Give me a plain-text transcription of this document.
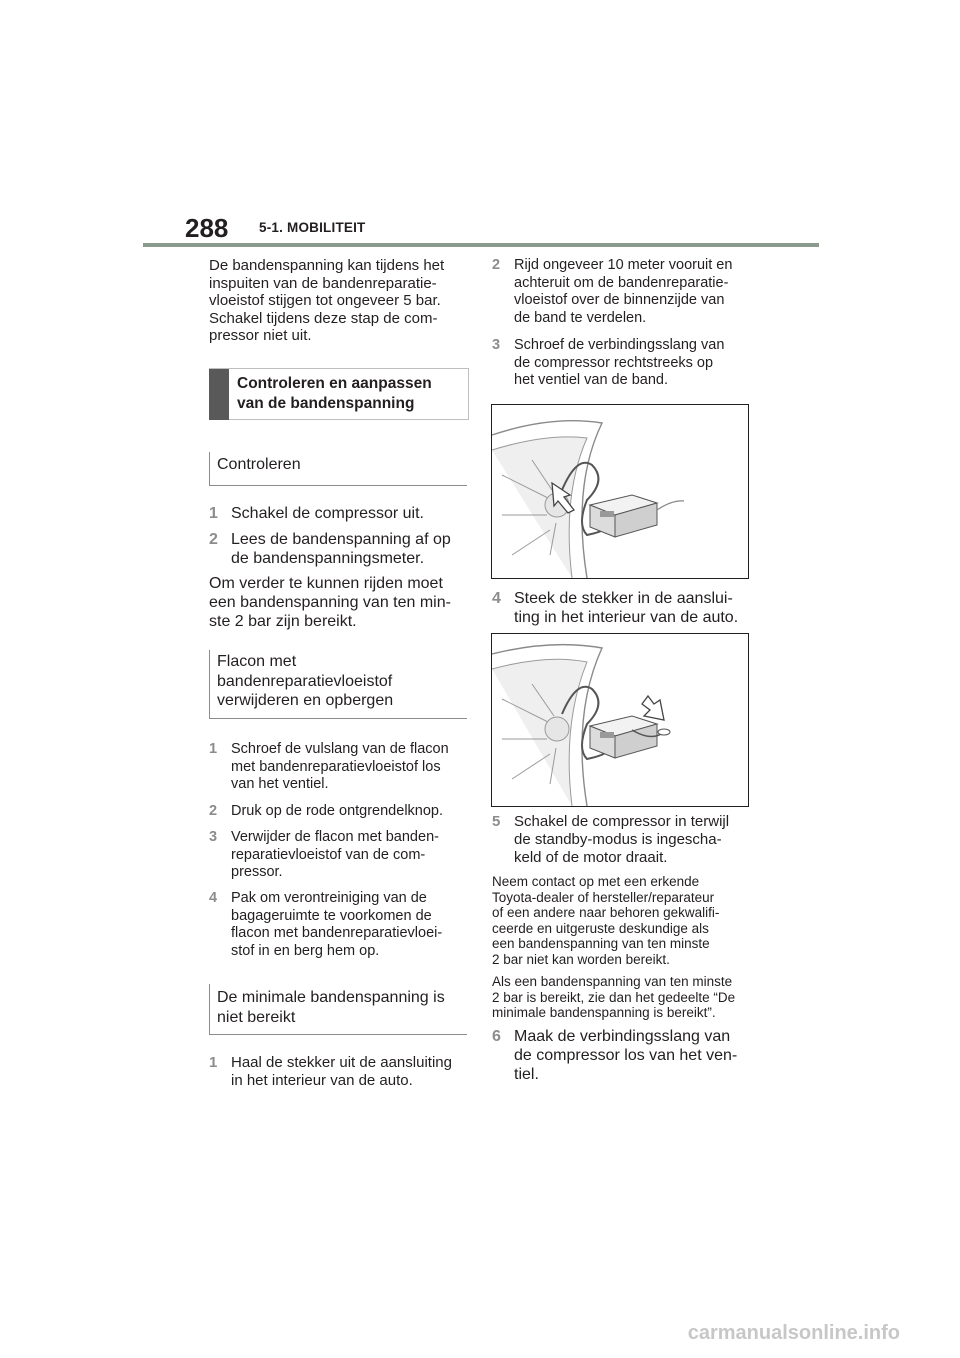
288 5-1. MOBILITEIT

De bandenspanning kan tijdens het

inspuiten van de bandenreparatie-

vloeistof stijgen tot ongeveer 5 bar.

Schakel tijdens deze stap de com-

pressor niet uit.

Controleren en aanpassen

van de bandenspanning

Controleren

1 Schakel de compressor uit.

2 Lees de bandenspanning af op

de bandenspanningsmeter.

Om verder te kunnen rijden moet

een bandenspanning van ten min-

ste 2 bar zijn bereikt.

Flacon met

bandenreparatievloeistof

verwijderen en opbergen

1 Schroef de vulslang van de flacon

met bandenreparatievloeistof los

van het ventiel.

2 Druk op de rode ontgrendelknop.

3 Verwijder de flacon met banden-

reparatievloeistof van de com-

pressor.

4 Pak om verontreiniging van de

bagageruimte te voorkomen de

flacon met bandenreparatievloei-

stof in en berg hem op.

De minimale bandenspanning is

niet bereikt

1 Haal de stekker uit de aansluiting

in het interieur van de auto.

2 Rijd ongeveer 10 meter vooruit en

achteruit om de bandenreparatie-

vloeistof over de binnenzijde van

de band te verdelen.

3 Schroef de verbindingsslang van

de compressor rechtstreeks op

het ventiel van de band.

4 Steek de stekker in de aanslui-

ting in het interieur van de auto.

5 Schakel de compressor in terwijl

de standby-modus is ingescha-

keld of de motor draait.

Neem contact op met een erkende

Toyota-dealer of hersteller/reparateur

of een andere naar behoren gekwalifi-

ceerde en uitgeruste deskundige als

een bandenspanning van ten minste

2 bar niet kan worden bereikt.

Als een bandenspanning van ten minste

2 bar is bereikt, zie dan het gedeelte “De

minimale bandenspanning is bereikt”.

6 Maak de verbindingsslang van

de compressor los van het ven-

tiel.

carmanualsonline.info
